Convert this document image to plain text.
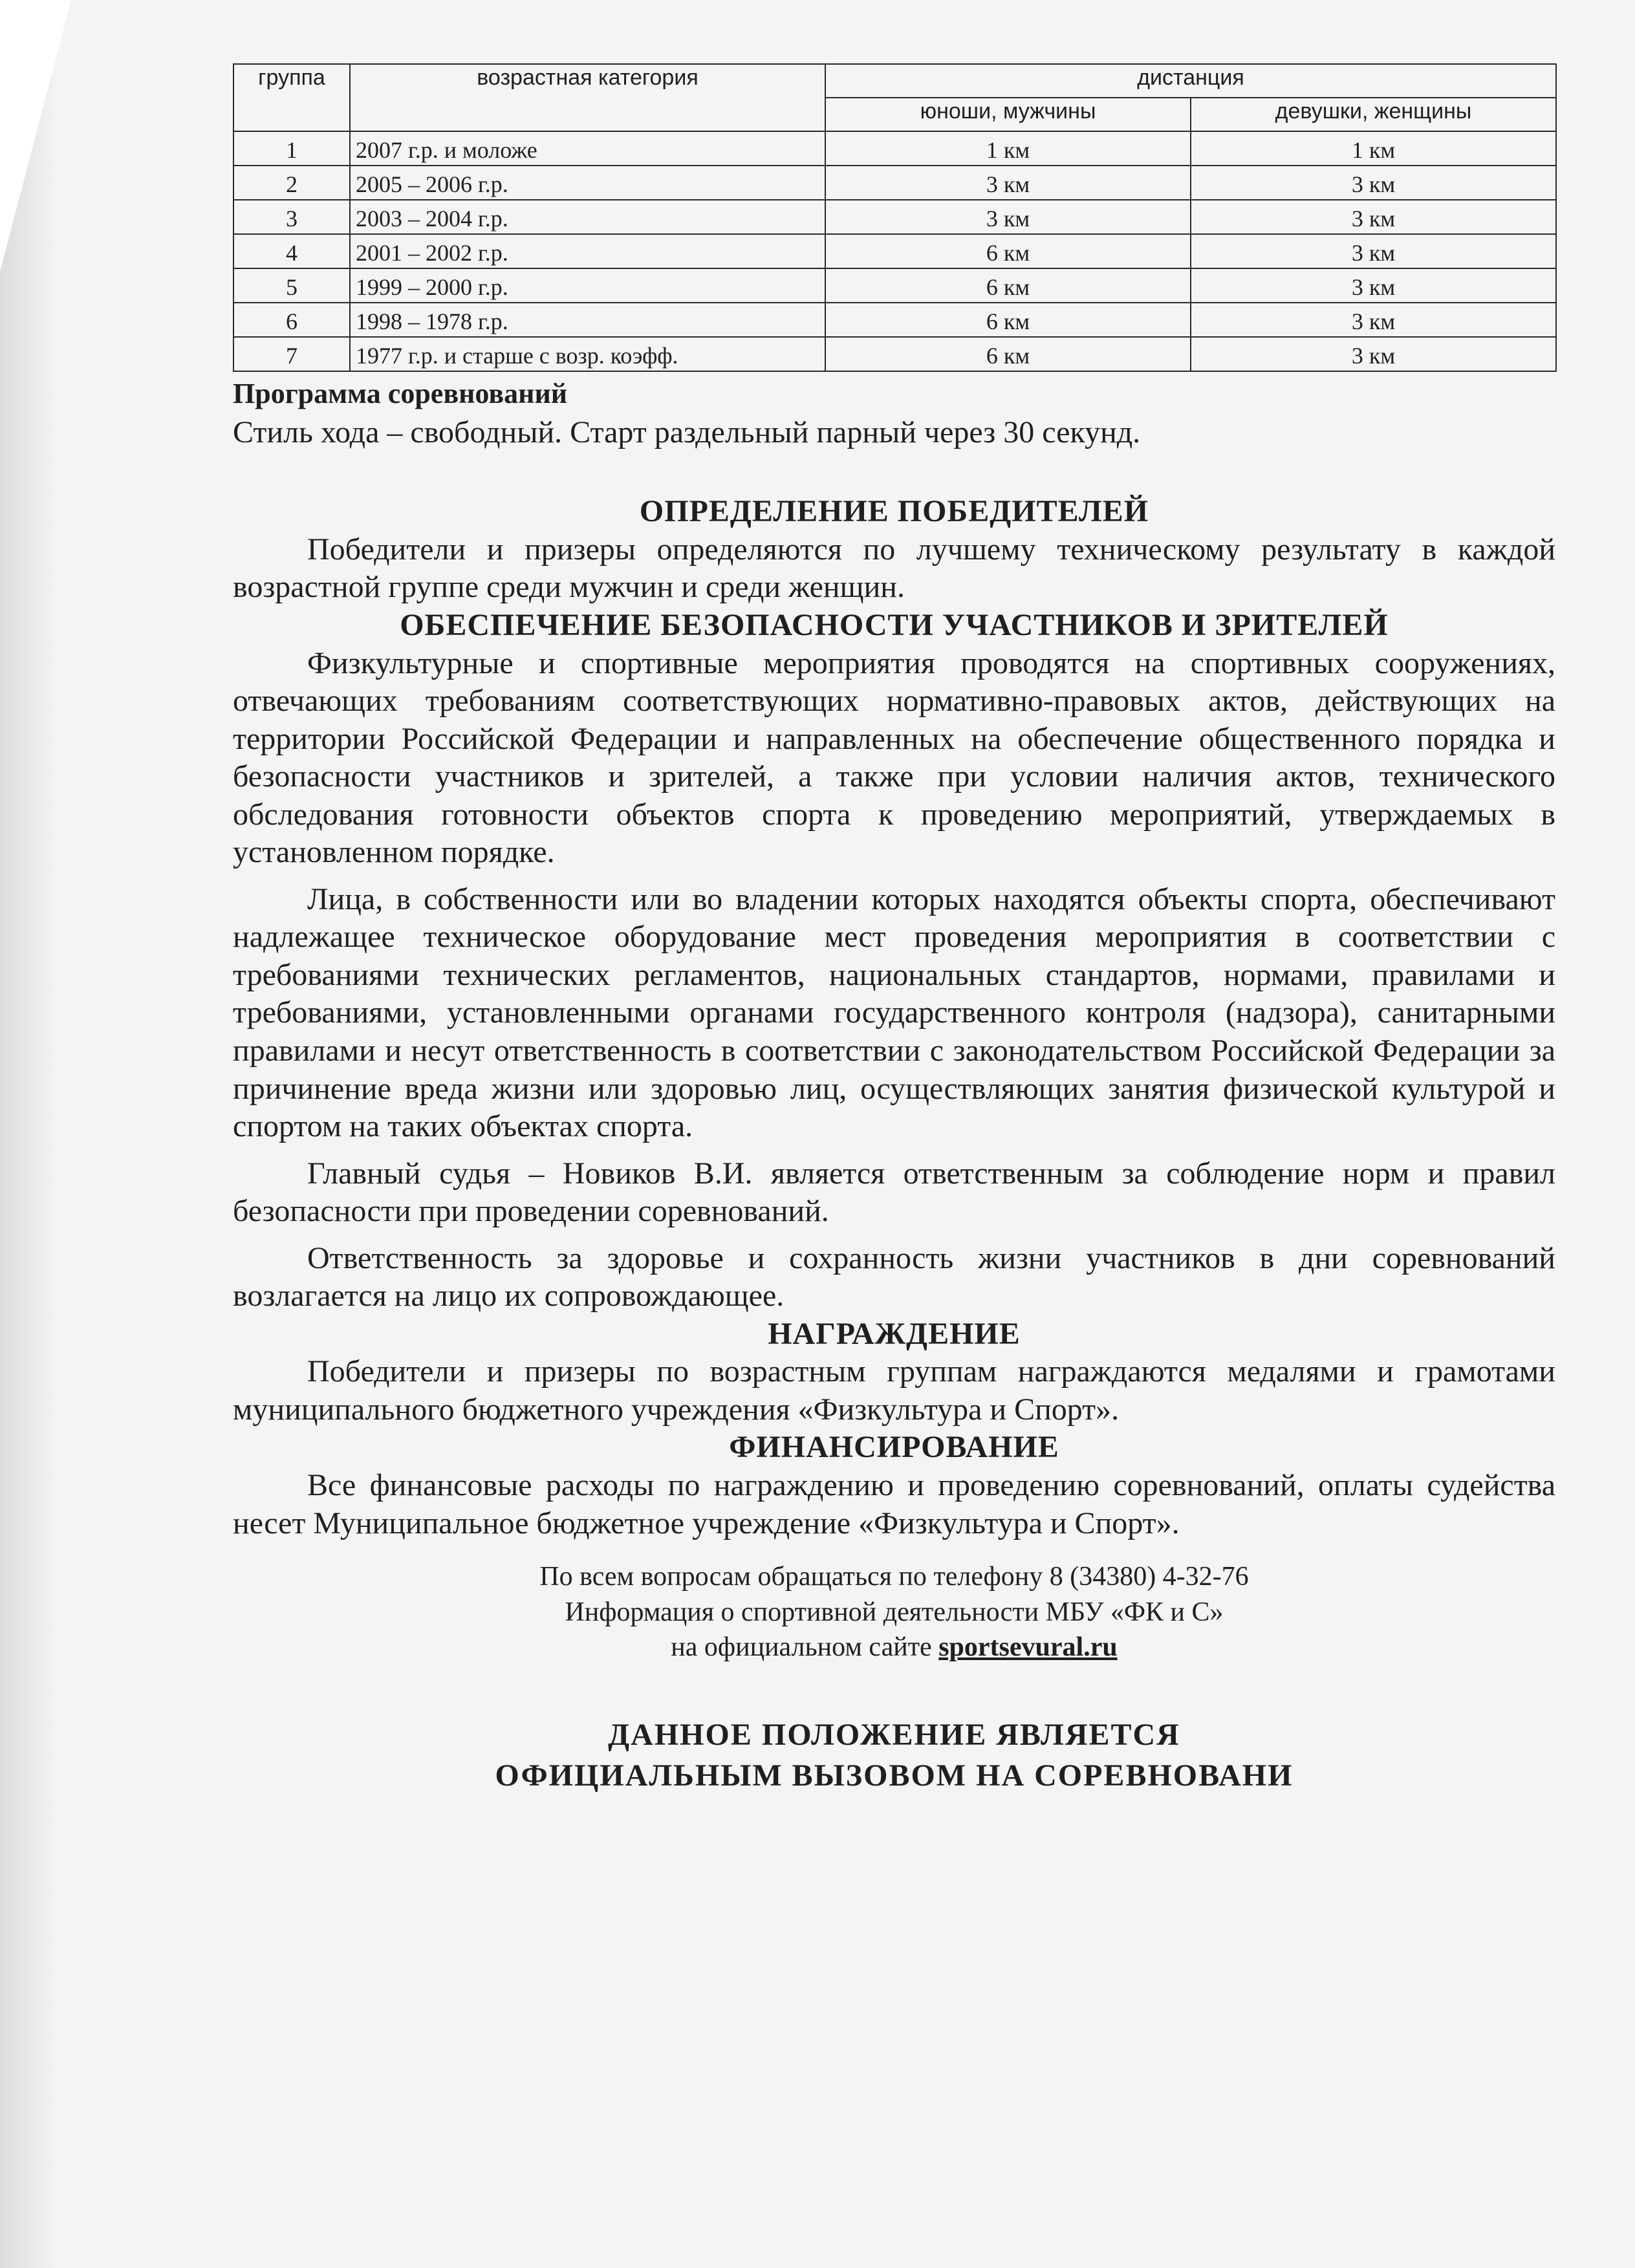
группа	возрастная категория	дистанция	
		юноши, мужчины	девушки, женщины
1	2007 г.р. и моложе	1 км	1 км
2	2005 – 2006 г.р.	3 км	3 км
3	2003 – 2004 г.р.	3 км	3 км
4	2001 – 2002 г.р.	6 км	3 км
5	1999 – 2000 г.р.	6 км	3 км
6	1998 – 1978 г.р.	6 км	3 км
7	1977 г.р. и старше с возр. коэфф.	6 км	3 км
Программа соревнований
Стиль хода – свободный. Старт раздельный парный через 30 секунд.
ОПРЕДЕЛЕНИЕ ПОБЕДИТЕЛЕЙ

Победители и призеры определяются по лучшему техническому результату в каждой возрастной группе среди мужчин и среди женщин.

ОБЕСПЕЧЕНИЕ БЕЗОПАСНОСТИ УЧАСТНИКОВ И ЗРИТЕЛЕЙ

Физкультурные и спортивные мероприятия проводятся на спортивных сооружениях, отвечающих требованиям соответствующих нормативно-правовых актов, действующих на территории Российской Федерации и направленных на обеспечение общественного порядка и безопасности участников и зрителей, а также при условии наличия актов, технического обследования готовности объектов спорта к проведению мероприятий, утверждаемых в установленном порядке.

Лица, в собственности или во владении которых находятся объекты спорта, обеспечивают надлежащее техническое оборудование мест проведения мероприятия в соответствии с требованиями технических регламентов, национальных стандартов, нормами, правилами и требованиями, установленными органами государственного контроля (надзора), санитарными правилами и несут ответственность в соответствии с законодательством Российской Федерации за причинение вреда жизни или здоровью лиц, осуществляющих занятия физической культурой и спортом на таких объектах спорта.

Главный судья – Новиков В.И. является ответственным за соблюдение норм и правил безопасности при проведении соревнований.

Ответственность за здоровье и сохранность жизни участников в дни соревнований возлагается на лицо их сопровождающее.

НАГРАЖДЕНИЕ

Победители и призеры по возрастным группам награждаются медалями и грамотами муниципального бюджетного учреждения «Физкультура и Спорт».

ФИНАНСИРОВАНИЕ

Все финансовые расходы по награждению и проведению соревнований, оплаты судейства несет Муниципальное бюджетное учреждение «Физкультура и Спорт».

По всем вопросам обращаться по телефону 8 (34380) 4-32-76
Информация о спортивной деятельности МБУ «ФК и С»
на официальном сайте sportsevural.ru
ДАННОЕ ПОЛОЖЕНИЕ ЯВЛЯЕТСЯ
ОФИЦИАЛЬНЫМ ВЫЗОВОМ НА СОРЕВНОВАНИ
